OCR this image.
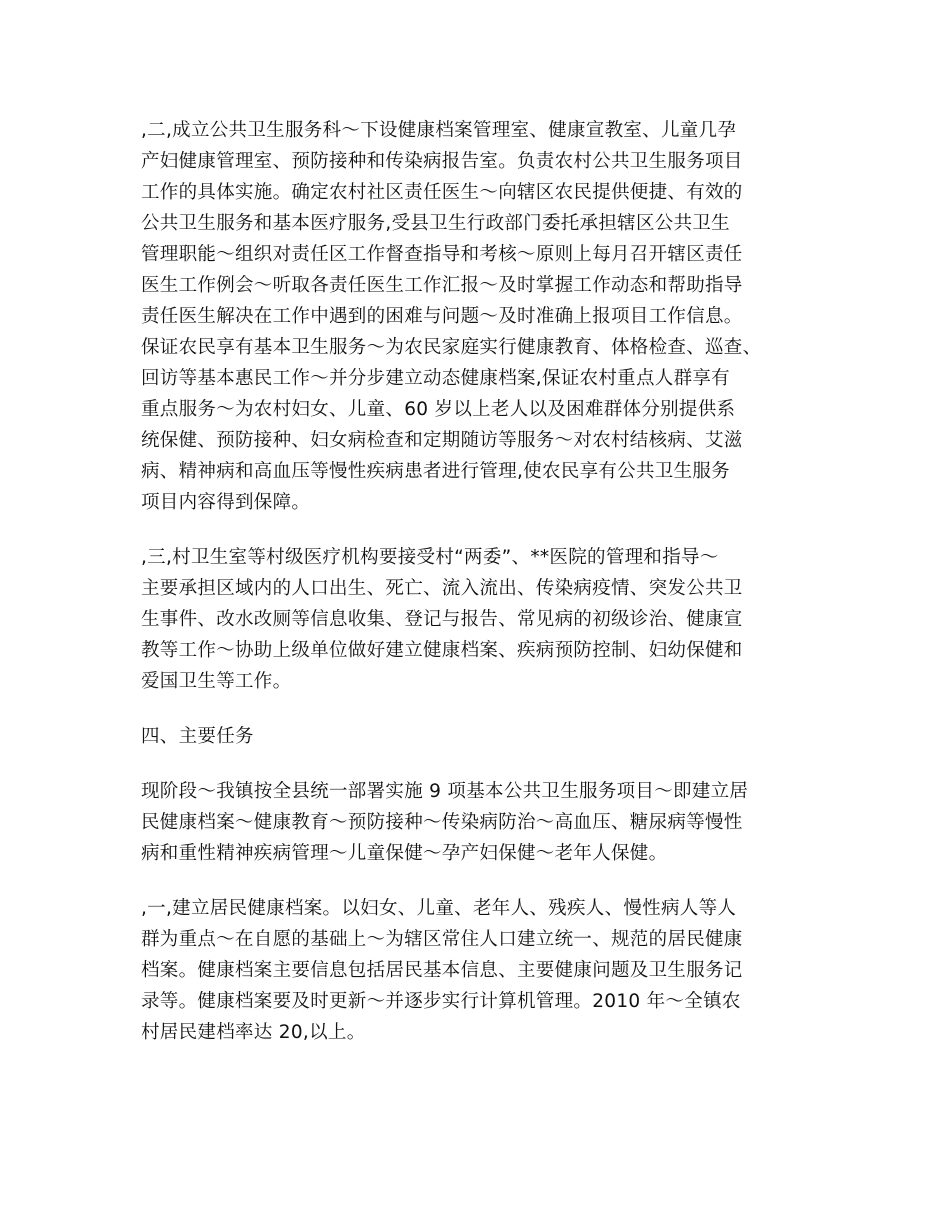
,二,成立公共卫生服务科～下设健康档案管理室、健康宣教室、儿童几孕
产妇健康管理室、预防接种和传染病报告室。负责农村公共卫生服务项目
工作的具体实施。确定农村社区责任医生～向辖区农民提供便捷、有效的
公共卫生服务和基本医疗服务,受县卫生行政部门委托承担辖区公共卫生
管理职能～组织对责任区工作督查指导和考核～原则上每月召开辖区责任
医生工作例会～听取各责任医生工作汇报～及时掌握工作动态和帮助指导
责任医生解决在工作中遇到的困难与问题～及时准确上报项目工作信息。
保证农民享有基本卫生服务～为农民家庭实行健康教育、体格检查、巡查、
回访等基本惠民工作～并分步建立动态健康档案,保证农村重点人群享有
重点服务～为农村妇女、儿童、60 岁以上老人以及困难群体分别提供系
统保健、预防接种、妇女病检查和定期随访等服务～对农村结核病、艾滋
病、精神病和高血压等慢性疾病患者进行管理,使农民享有公共卫生服务
项目内容得到保障。

,三,村卫生室等村级医疗机构要接受村“两委”、**医院的管理和指导～
主要承担区域内的人口出生、死亡、流入流出、传染病疫情、突发公共卫
生事件、改水改厕等信息收集、登记与报告、常见病的初级诊治、健康宣
教等工作～协助上级单位做好建立健康档案、疾病预防控制、妇幼保健和
爱国卫生等工作。

四、主要任务

现阶段～我镇按全县统一部署实施 9 项基本公共卫生服务项目～即建立居
民健康档案～健康教育～预防接种～传染病防治～高血压、糖尿病等慢性
病和重性精神疾病管理～儿童保健～孕产妇保健～老年人保健。

,一,建立居民健康档案。以妇女、儿童、老年人、残疾人、慢性病人等人
群为重点～在自愿的基础上～为辖区常住人口建立统一、规范的居民健康
档案。健康档案主要信息包括居民基本信息、主要健康问题及卫生服务记
录等。健康档案要及时更新～并逐步实行计算机管理。2010 年～全镇农
村居民建档率达 20,以上。
